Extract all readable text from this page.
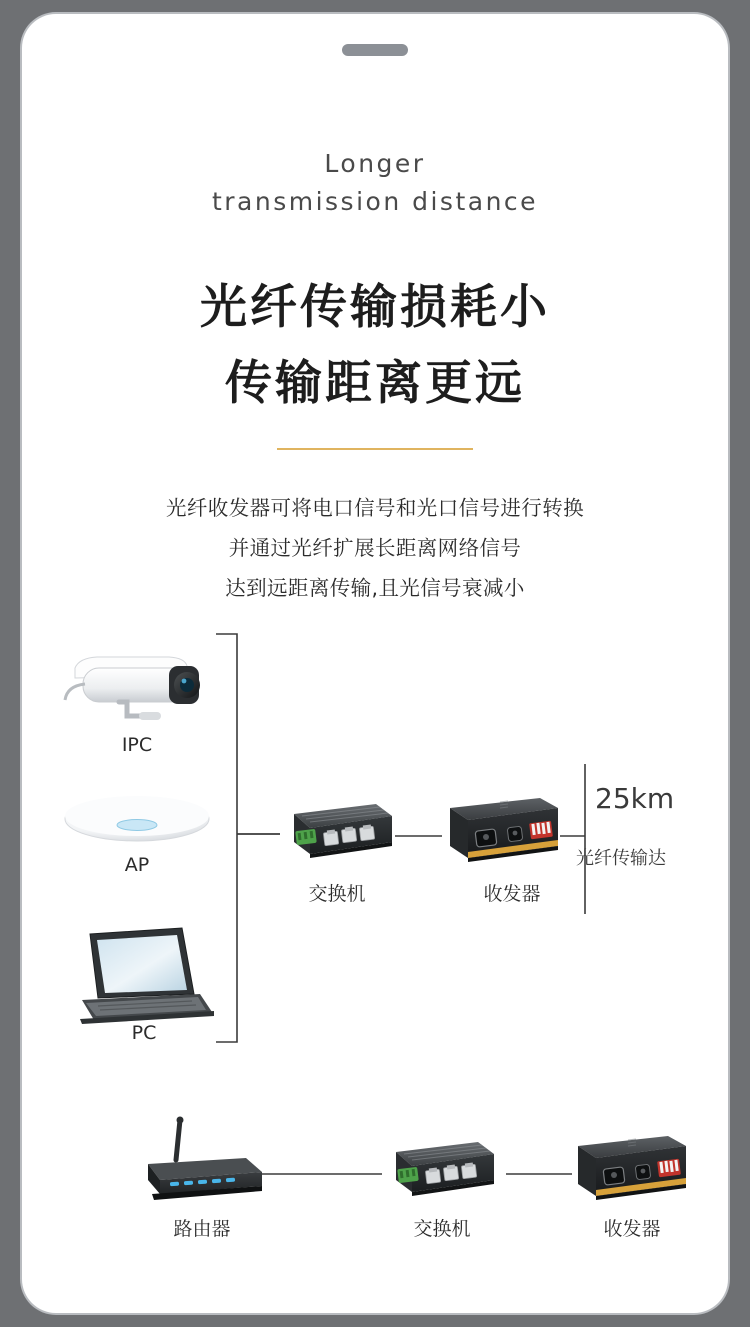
Longer
transmission distance
光纤传输损耗小
传输距离更远
光纤收发器可将电口信号和光口信号进行转换
并通过光纤扩展长距离网络信号
达到远距离传输,且光信号衰减小
IPC
AP
PC
交换机	收发器
25km
光纤传输达
路由器	交换机	收发器
